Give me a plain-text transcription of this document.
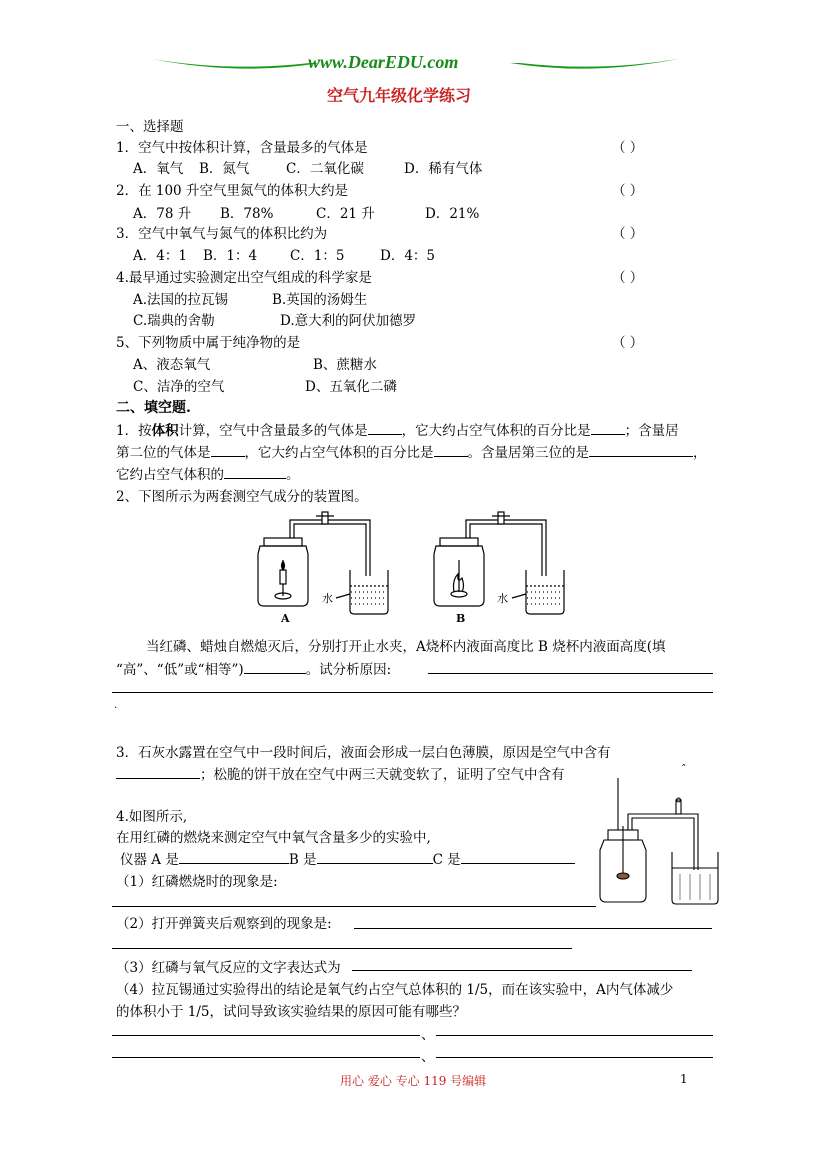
www.DearEDU.com
空气九年级化学练习
一、选择题
1．空气中按体积计算，含量最多的气体是	（ ）
A．氧气 B．氮气	C．二氧化碳	D．稀有气体
2．在 100 升空气里氮气的体积大约是	（ ）
A．78 升 B．78%	C．21 升	D．21%
3．空气中氧气与氮气的体积比约为	（ ）
A．4：1 B．1：4 C．1：5	D．4：5
4.最早通过实验测定出空气组成的科学家是	（ ）
A.法国的拉瓦锡	B.英国的汤姆生
C.瑞典的舍勒	D.意大利的阿伏加德罗
5、下列物质中属于纯净物的是	（ ）
A、液态氧气	B、蔗糖水
C、洁净的空气	D、五氧化二磷
二、填空题.
1．按体积计算，空气中含量最多的气体是	，它大约占空气体积的百分比是	；含量居
第二位的气体是	，它大约占空气体积的百分比是	。含量居第三位的是	，
它约占空气体积的	。
2、下图所示为两套测空气成分的装置图。
水	水
A	B
当红磷、蜡烛自燃熄灭后，分别打开止水夹，A烧杯内液面高度比 B 烧杯内液面高度(填
“高”、“低”或“相等”)	。试分析原因:
.
3．石灰水露置在空气中一段时间后，液面会形成一层白色薄膜，原因是空气中含有
；松脆的饼干放在空气中两三天就变软了，证明了空气中含有	ˆ
4.如图所示,
在用红磷的燃烧来测定空气中氧气含量多少的实验中,
仪器 A 是	B 是	C 是
（1）红磷燃烧时的现象是:
（2）打开弹簧夹后观察到的现象是:
（3）红磷与氧气反应的文字表达式为
（4）拉瓦锡通过实验得出的结论是氧气约占空气总体积的 1/5，而在该实验中，A内气体减少
的体积小于 1/5，试问导致该实验结果的原因可能有哪些？
、
、
用心 爱心 专心 119 号编辑	1
